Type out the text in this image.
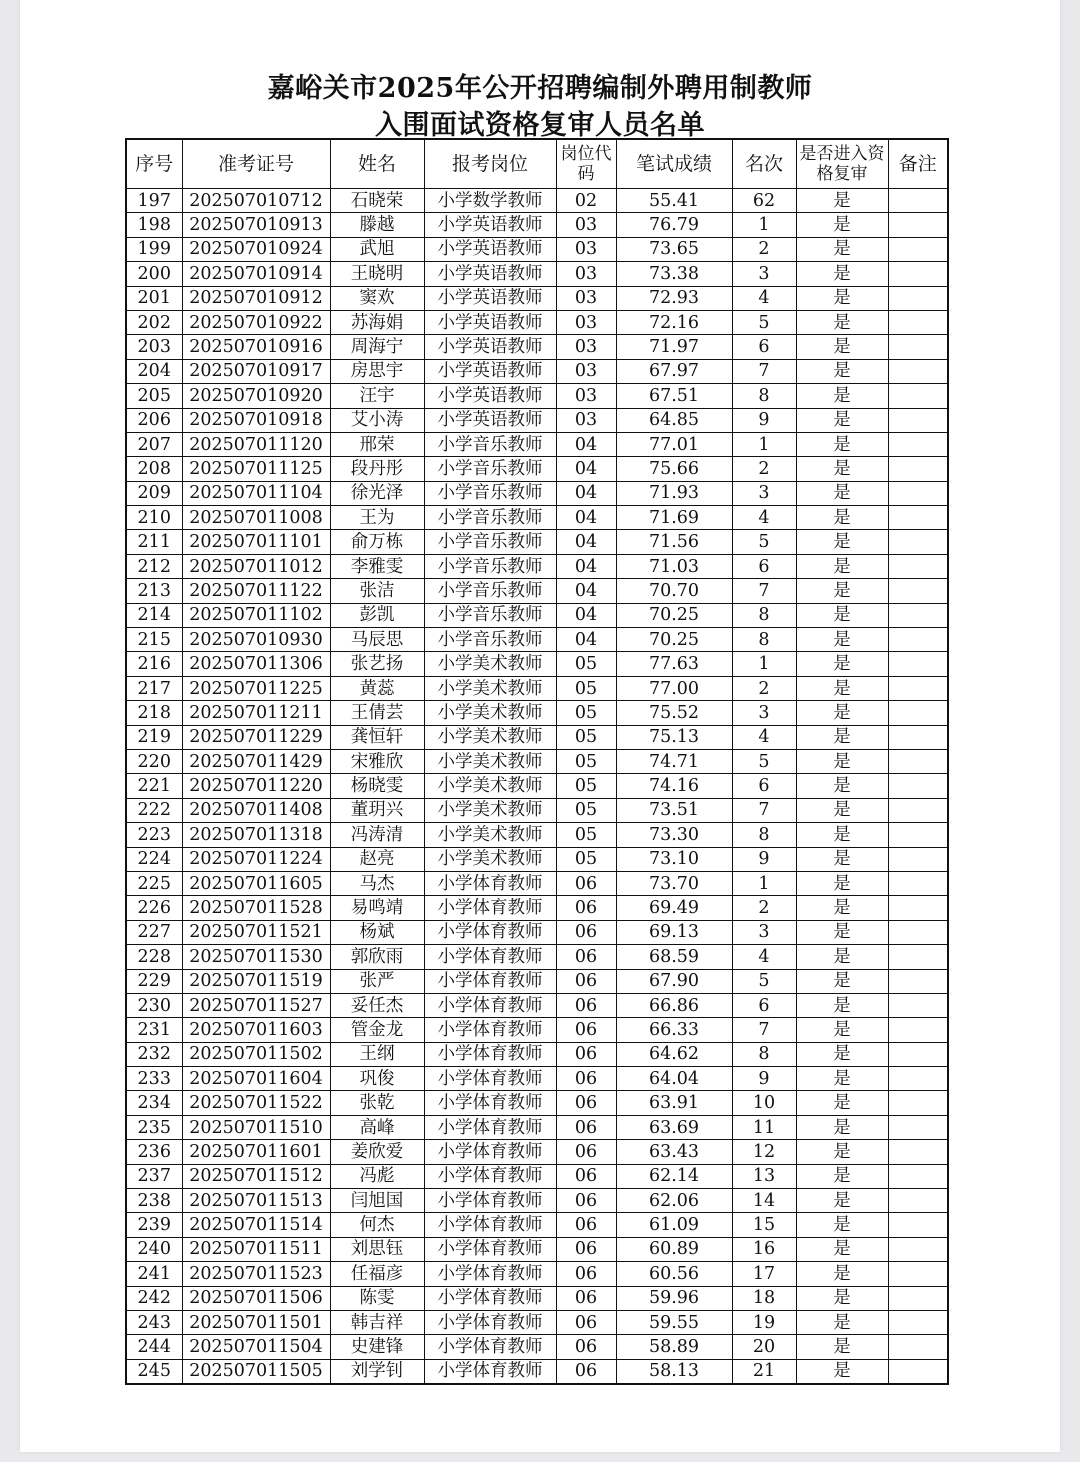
嘉峪关市2025年公开招聘编制外聘用制教师
入围面试资格复审人员名单
序号	准考证号	姓名	报考岗位	岗位代码	笔试成绩	名次	是否进入资格复审	备注
197	202507010712	石晓荣	小学数学教师	02	55.41	62	是	
198	202507010913	滕越	小学英语教师	03	76.79	1	是	
199	202507010924	武旭	小学英语教师	03	73.65	2	是	
200	202507010914	王晓明	小学英语教师	03	73.38	3	是	
201	202507010912	窦欢	小学英语教师	03	72.93	4	是	
202	202507010922	苏海娟	小学英语教师	03	72.16	5	是	
203	202507010916	周海宁	小学英语教师	03	71.97	6	是	
204	202507010917	房思宇	小学英语教师	03	67.97	7	是	
205	202507010920	汪宇	小学英语教师	03	67.51	8	是	
206	202507010918	艾小涛	小学英语教师	03	64.85	9	是	
207	202507011120	邢荣	小学音乐教师	04	77.01	1	是	
208	202507011125	段丹彤	小学音乐教师	04	75.66	2	是	
209	202507011104	徐光泽	小学音乐教师	04	71.93	3	是	
210	202507011008	王为	小学音乐教师	04	71.69	4	是	
211	202507011101	俞万栋	小学音乐教师	04	71.56	5	是	
212	202507011012	李雅雯	小学音乐教师	04	71.03	6	是	
213	202507011122	张洁	小学音乐教师	04	70.70	7	是	
214	202507011102	彭凯	小学音乐教师	04	70.25	8	是	
215	202507010930	马辰思	小学音乐教师	04	70.25	8	是	
216	202507011306	张艺扬	小学美术教师	05	77.63	1	是	
217	202507011225	黄蕊	小学美术教师	05	77.00	2	是	
218	202507011211	王倩芸	小学美术教师	05	75.52	3	是	
219	202507011229	龚恒轩	小学美术教师	05	75.13	4	是	
220	202507011429	宋雅欣	小学美术教师	05	74.71	5	是	
221	202507011220	杨晓雯	小学美术教师	05	74.16	6	是	
222	202507011408	董玥兴	小学美术教师	05	73.51	7	是	
223	202507011318	冯涛清	小学美术教师	05	73.30	8	是	
224	202507011224	赵亮	小学美术教师	05	73.10	9	是	
225	202507011605	马杰	小学体育教师	06	73.70	1	是	
226	202507011528	易鸣靖	小学体育教师	06	69.49	2	是	
227	202507011521	杨斌	小学体育教师	06	69.13	3	是	
228	202507011530	郭欣雨	小学体育教师	06	68.59	4	是	
229	202507011519	张严	小学体育教师	06	67.90	5	是	
230	202507011527	妥任杰	小学体育教师	06	66.86	6	是	
231	202507011603	管金龙	小学体育教师	06	66.33	7	是	
232	202507011502	王纲	小学体育教师	06	64.62	8	是	
233	202507011604	巩俊	小学体育教师	06	64.04	9	是	
234	202507011522	张乾	小学体育教师	06	63.91	10	是	
235	202507011510	高峰	小学体育教师	06	63.69	11	是	
236	202507011601	姜欣爱	小学体育教师	06	63.43	12	是	
237	202507011512	冯彪	小学体育教师	06	62.14	13	是	
238	202507011513	闫旭国	小学体育教师	06	62.06	14	是	
239	202507011514	何杰	小学体育教师	06	61.09	15	是	
240	202507011511	刘思钰	小学体育教师	06	60.89	16	是	
241	202507011523	任福彦	小学体育教师	06	60.56	17	是	
242	202507011506	陈雯	小学体育教师	06	59.96	18	是	
243	202507011501	韩吉祥	小学体育教师	06	59.55	19	是	
244	202507011504	史建锋	小学体育教师	06	58.89	20	是	
245	202507011505	刘学钊	小学体育教师	06	58.13	21	是	
